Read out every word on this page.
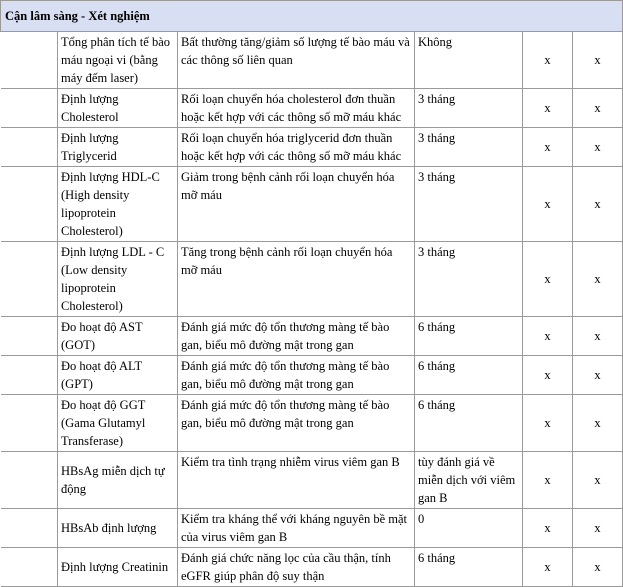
Cận lâm sàng - Xét nghiệm					
	Tổng phân tích tế bào máu ngoại vi (bằng máy đếm laser)	Bất thường tăng/giảm số lượng tế bào máu và các thông số liên quan	Không	x	x
	Định lượng Cholesterol	Rối loạn chuyển hóa cholesterol đơn thuần hoặc kết hợp với các thông số mỡ máu khác	3 tháng	x	x
	Định lượng Triglycerid	Rối loạn chuyển hóa triglycerid đơn thuần hoặc kết hợp với các thông số mỡ máu khác	3 tháng	x	x
	Định lượng HDL-C (High density lipoprotein Cholesterol)	Giảm trong bệnh cảnh rối loạn chuyển hóa mỡ máu	3 tháng	x	x
	Định lượng LDL - C (Low density lipoprotein Cholesterol)	Tăng trong bệnh cảnh rối loạn chuyển hóa mỡ máu	3 tháng	x	x
	Đo hoạt độ AST (GOT)	Đánh giá mức độ tổn thương màng tế bào gan, biểu mô đường mật trong gan	6 tháng	x	x
	Đo hoạt độ ALT (GPT)	Đánh giá mức độ tổn thương màng tế bào gan, biểu mô đường mật trong gan	6 tháng	x	x
	Đo hoạt độ GGT (Gama Glutamyl Transferase)	Đánh giá mức độ tổn thương màng tế bào gan, biểu mô đường mật trong gan	6 tháng	x	x
	HBsAg miễn dịch tự động	Kiểm tra tình trạng nhiễm virus viêm gan B	tùy đánh giá về miễn dịch với viêm gan B	x	x
	HBsAb định lượng	Kiểm tra kháng thể với kháng nguyên bề mặt của virus viêm gan B	0	x	x
	Định lượng Creatinin	Đánh giá chức năng lọc của cầu thận, tính eGFR giúp phân độ suy thận	6 tháng	x	x
